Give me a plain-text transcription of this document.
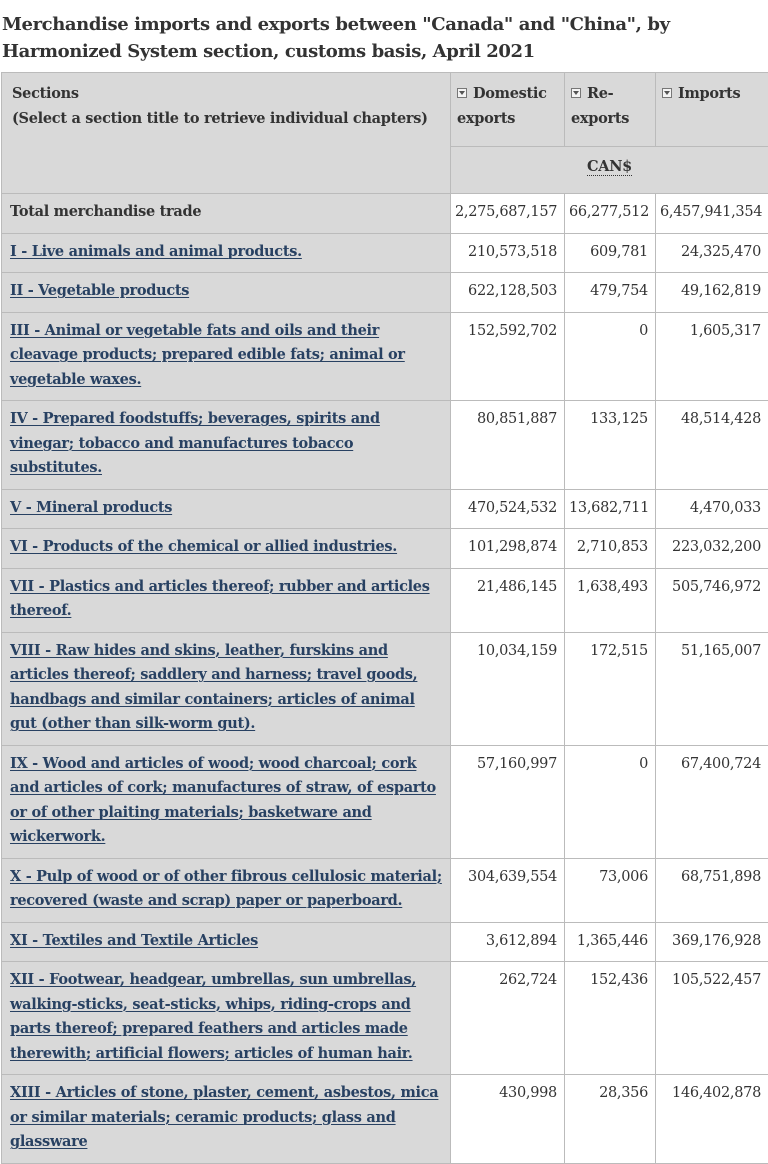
Merchandise imports and exports between "Canada" and "China", by Harmonized System section, customs basis, April 2021
Sections
(Select a section title to retrieve individual chapters)	Domestic exports	Re-exports	Imports
	CAN$		
Total merchandise trade	2,275,687,157	66,277,512	6,457,941,354
I - Live animals and animal products.	210,573,518	609,781	24,325,470
II - Vegetable products	622,128,503	479,754	49,162,819
III - Animal or vegetable fats and oils and their cleavage products; prepared edible fats; animal or vegetable waxes.	152,592,702	0	1,605,317
IV - Prepared foodstuffs; beverages, spirits and vinegar; tobacco and manufactures tobacco substitutes.	80,851,887	133,125	48,514,428
V - Mineral products	470,524,532	13,682,711	4,470,033
VI - Products of the chemical or allied industries.	101,298,874	2,710,853	223,032,200
VII - Plastics and articles thereof; rubber and articles thereof.	21,486,145	1,638,493	505,746,972
VIII - Raw hides and skins, leather, furskins and articles thereof; saddlery and harness; travel goods, handbags and similar containers; articles of animal gut (other than silk-worm gut).	10,034,159	172,515	51,165,007
IX - Wood and articles of wood; wood charcoal; cork and articles of cork; manufactures of straw, of esparto or of other plaiting materials; basketware and wickerwork.	57,160,997	0	67,400,724
X - Pulp of wood or of other fibrous cellulosic material; recovered (waste and scrap) paper or paperboard.	304,639,554	73,006	68,751,898
XI - Textiles and Textile Articles	3,612,894	1,365,446	369,176,928
XII - Footwear, headgear, umbrellas, sun umbrellas, walking-sticks, seat-sticks, whips, riding-crops and parts thereof; prepared feathers and articles made therewith; artificial flowers; articles of human hair.	262,724	152,436	105,522,457
XIII - Articles of stone, plaster, cement, asbestos, mica or similar materials; ceramic products; glass and glassware	430,998	28,356	146,402,878
